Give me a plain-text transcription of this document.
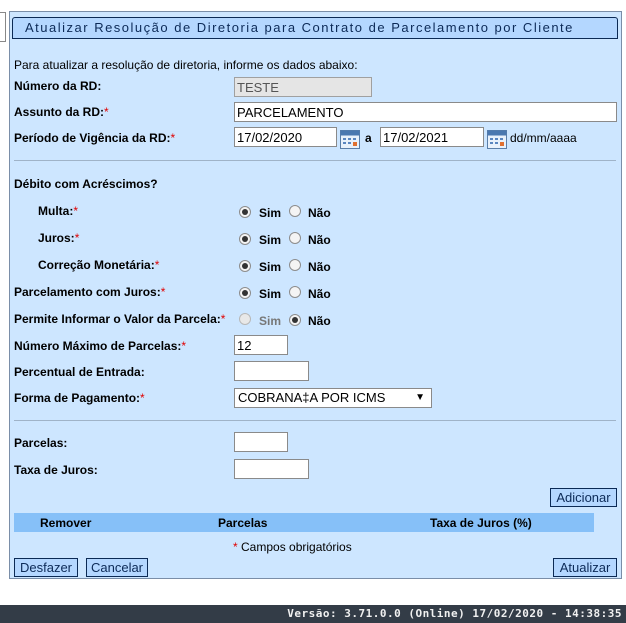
Atualizar Resolução de Diretoria para Contrato de Parcelamento por Cliente
Para atualizar a resolução de diretoria, informe os dados abaixo:
Número da RD:
TESTE
Assunto da RD:*
PARCELAMENTO
Período de Vigência da RD:*
17/02/2020	a
17/02/2021	dd/mm/aaaa
Débito com Acréscimos?
Multa:*	Sim Não
Juros:*	Sim Não
Correção Monetária:*	Sim Não
Parcelamento com Juros:*	Sim Não
Permite Informar o Valor da Parcela:*	Sim Não
Número Máximo de Parcelas:*
12
Percentual de Entrada:
Forma de Pagamento:*	COBRANA‡A POR ICMS	▼
Parcelas:
Taxa de Juros:
Adicionar
Remover	Parcelas	Taxa de Juros (%)
* Campos obrigatórios
Desfazer	Cancelar	Atualizar
Versão: 3.71.0.0 (Online) 17/02/2020 - 14:38:35
